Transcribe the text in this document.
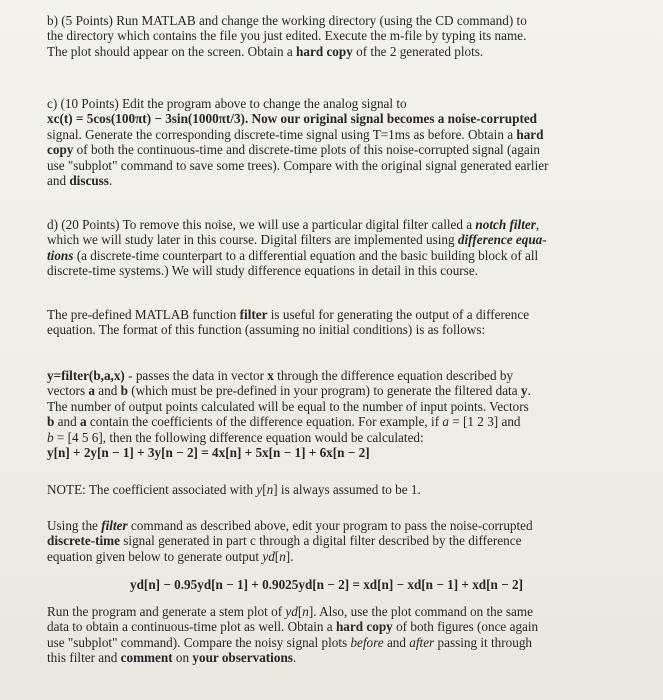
b) (5 Points) Run MATLAB and change the working directory (using the CD command) to
the directory which contains the file you just edited. Execute the m-file by typing its name.
The plot should appear on the screen. Obtain a hard copy of the 2 generated plots.
c) (10 Points) Edit the program above to change the analog signal to
xc(t) = 5cos(100πt) − 3sin(1000πt/3). Now our original signal becomes a noise-corrupted
signal. Generate the corresponding discrete-time signal using T=1ms as before. Obtain a hard
copy of both the continuous-time and discrete-time plots of this noise-corrupted signal (again
use "subplot" command to save some trees). Compare with the original signal generated earlier
and discuss.
d) (20 Points) To remove this noise, we will use a particular digital filter called a notch filter,
which we will study later in this course. Digital filters are implemented using difference equa-
tions (a discrete-time counterpart to a differential equation and the basic building block of all
discrete-time systems.) We will study difference equations in detail in this course.
The pre-defined MATLAB function filter is useful for generating the output of a difference
equation. The format of this function (assuming no initial conditions) is as follows:
y=filter(b,a,x) - passes the data in vector x through the difference equation described by
vectors a and b (which must be pre-defined in your program) to generate the filtered data y.
The number of output points calculated will be equal to the number of input points. Vectors
b and a contain the coefficients of the difference equation. For example, if a = [1 2 3] and
b = [4 5 6], then the following difference equation would be calculated:
y[n] + 2y[n − 1] + 3y[n − 2] = 4x[n] + 5x[n − 1] + 6x[n − 2]
NOTE: The coefficient associated with y[n] is always assumed to be 1.
Using the filter command as described above, edit your program to pass the noise-corrupted
discrete-time signal generated in part c through a digital filter described by the difference
equation given below to generate output yd[n].
yd[n] − 0.95yd[n − 1] + 0.9025yd[n − 2] = xd[n] − xd[n − 1] + xd[n − 2]
Run the program and generate a stem plot of yd[n]. Also, use the plot command on the same
data to obtain a continuous-time plot as well. Obtain a hard copy of both figures (once again
use "subplot" command). Compare the noisy signal plots before and after passing it through
this filter and comment on your observations.
